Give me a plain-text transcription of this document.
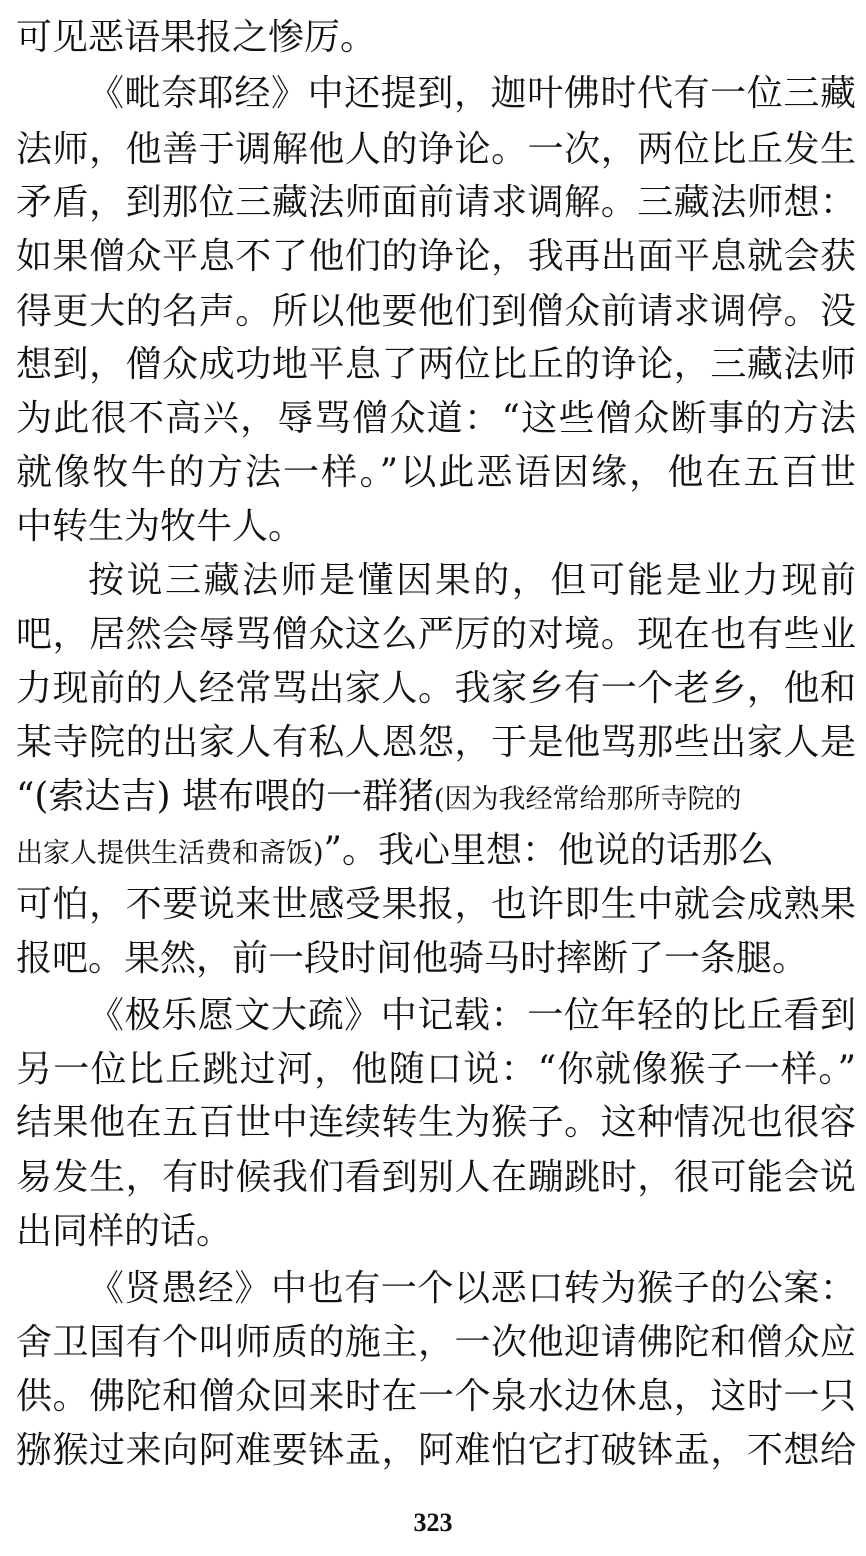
可见恶语果报之惨厉。
《毗奈耶经》中还提到，迦叶佛时代有一位三藏
法师，他善于调解他人的诤论。一次，两位比丘发生
矛盾，到那位三藏法师面前请求调解。三藏法师想：
如果僧众平息不了他们的诤论，我再出面平息就会获
得更大的名声。所以他要他们到僧众前请求调停。没
想到，僧众成功地平息了两位比丘的诤论，三藏法师
为此很不高兴，辱骂僧众道：“这些僧众断事的方法
就像牧牛的方法一样。”以此恶语因缘，他在五百世
中转生为牧牛人。
按说三藏法师是懂因果的，但可能是业力现前
吧，居然会辱骂僧众这么严厉的对境。现在也有些业
力现前的人经常骂出家人。我家乡有一个老乡，他和
某寺院的出家人有私人恩怨，于是他骂那些出家人是
“(索达吉) 堪布喂的一群猪(因为我经常给那所寺院的
出家人提供生活费和斋饭)”。我心里想：他说的话那么
可怕，不要说来世感受果报，也许即生中就会成熟果
报吧。果然，前一段时间他骑马时摔断了一条腿。
《极乐愿文大疏》中记载：一位年轻的比丘看到
另一位比丘跳过河，他随口说：“你就像猴子一样。”
结果他在五百世中连续转生为猴子。这种情况也很容
易发生，有时候我们看到别人在蹦跳时，很可能会说
出同样的话。
《贤愚经》中也有一个以恶口转为猴子的公案：
舍卫国有个叫师质的施主，一次他迎请佛陀和僧众应
供。佛陀和僧众回来时在一个泉水边休息，这时一只
猕猴过来向阿难要钵盂，阿难怕它打破钵盂，不想给
323
